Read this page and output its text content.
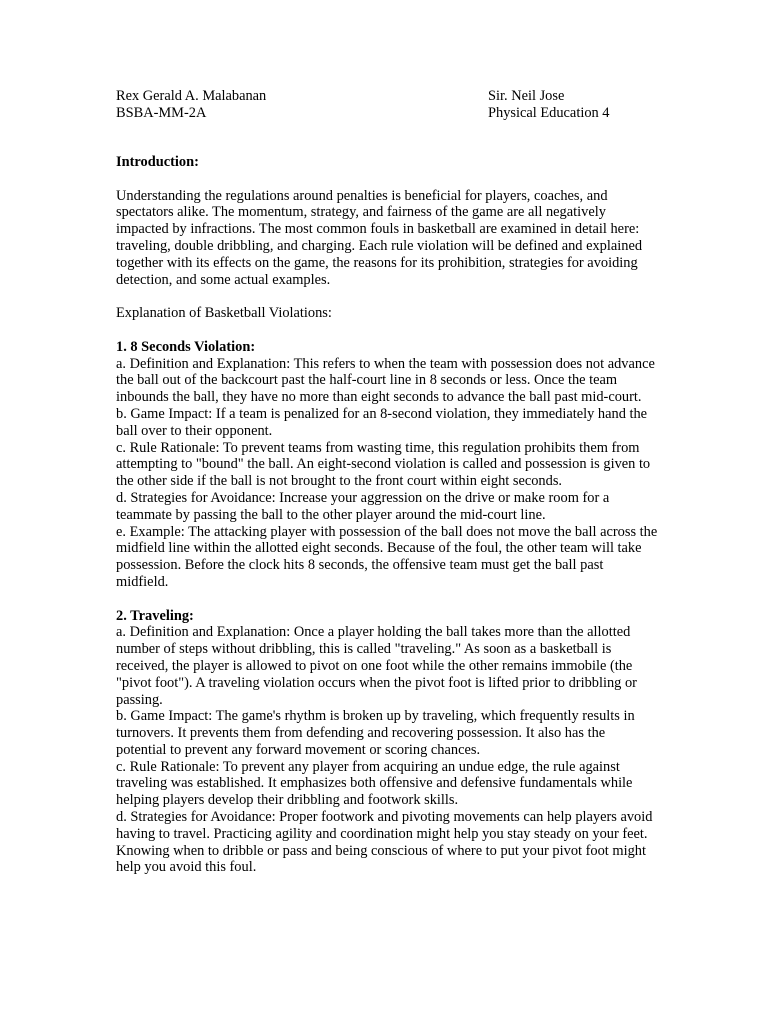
Rex Gerald A. Malabanan	Sir. Neil Jose
BSBA-MM-2A	Physical Education 4

Introduction:

Understanding the regulations around penalties is beneficial for players, coaches, and spectators alike. The momentum, strategy, and fairness of the game are all negatively impacted by infractions. The most common fouls in basketball are examined in detail here: traveling, double dribbling, and charging. Each rule violation will be defined and explained together with its effects on the game, the reasons for its prohibition, strategies for avoiding detection, and some actual examples.

Explanation of Basketball Violations:

1. 8 Seconds Violation:

a. Definition and Explanation: This refers to when the team with possession does not advance the ball out of the backcourt past the half-court line in 8 seconds or less. Once the team inbounds the ball, they have no more than eight seconds to advance the ball past mid-court.

b. Game Impact: If a team is penalized for an 8-second violation, they immediately hand the ball over to their opponent.

c. Rule Rationale: To prevent teams from wasting time, this regulation prohibits them from attempting to "bound" the ball. An eight-second violation is called and possession is given to the other side if the ball is not brought to the front court within eight seconds.

d. Strategies for Avoidance: Increase your aggression on the drive or make room for a teammate by passing the ball to the other player around the mid-court line.

e. Example: The attacking player with possession of the ball does not move the ball across the midfield line within the allotted eight seconds. Because of the foul, the other team will take possession. Before the clock hits 8 seconds, the offensive team must get the ball past midfield.

2. Traveling:

a. Definition and Explanation: Once a player holding the ball takes more than the allotted number of steps without dribbling, this is called "traveling." As soon as a basketball is received, the player is allowed to pivot on one foot while the other remains immobile (the "pivot foot"). A traveling violation occurs when the pivot foot is lifted prior to dribbling or passing.

b. Game Impact: The game's rhythm is broken up by traveling, which frequently results in turnovers. It prevents them from defending and recovering possession. It also has the potential to prevent any forward movement or scoring chances.

c. Rule Rationale: To prevent any player from acquiring an undue edge, the rule against traveling was established. It emphasizes both offensive and defensive fundamentals while helping players develop their dribbling and footwork skills.

d. Strategies for Avoidance: Proper footwork and pivoting movements can help players avoid having to travel. Practicing agility and coordination might help you stay steady on your feet. Knowing when to dribble or pass and being conscious of where to put your pivot foot might help you avoid this foul.
